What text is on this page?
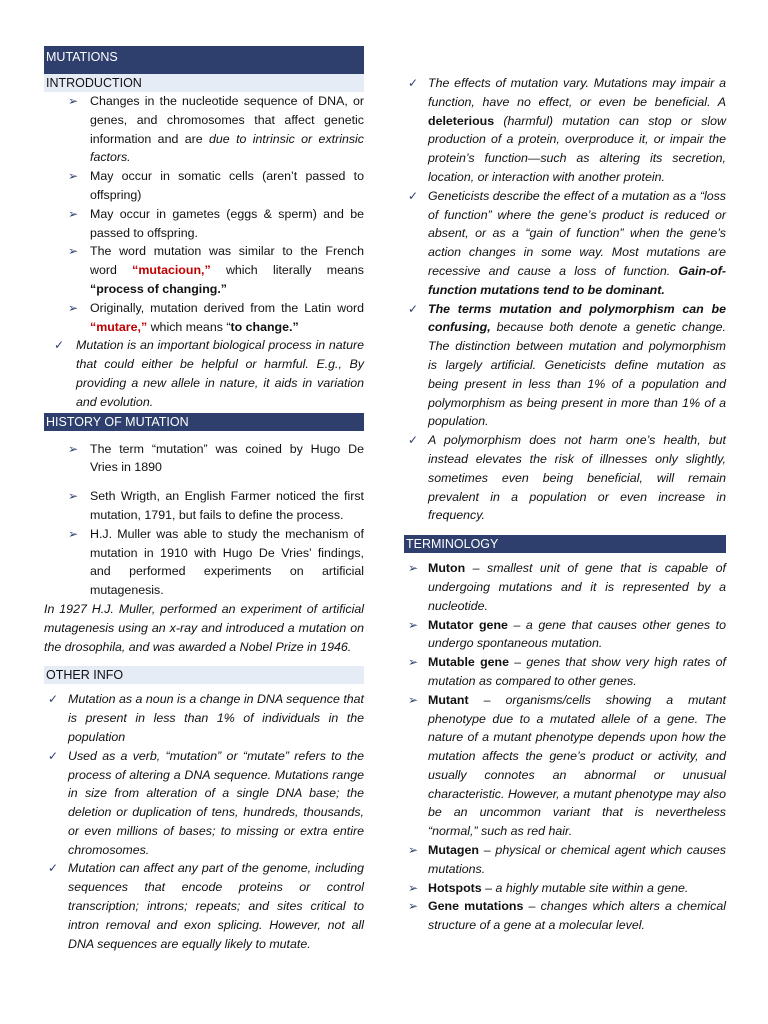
MUTATIONS
INTRODUCTION
➢ Changes in the nucleotide sequence of DNA, or genes, and chromosomes that affect genetic information and are due to intrinsic or extrinsic factors.
➢ May occur in somatic cells (aren’t passed to offspring)
➢ May occur in gametes (eggs & sperm) and be passed to offspring.
➢ The word mutation was similar to the French word “mutacioun,” which literally means “process of changing.”
➢ Originally, mutation derived from the Latin word “mutare,” which means “to change.”
✓ Mutation is an important biological process in nature that could either be helpful or harmful. E.g., By providing a new allele in nature, it aids in variation and evolution.
HISTORY OF MUTATION
➢ The term “mutation” was coined by Hugo De Vries in 1890
➢ Seth Wrigth, an English Farmer noticed the first mutation, 1791, but fails to define the process.
➢ H.J. Muller was able to study the mechanism of mutation in 1910 with Hugo De Vries’ findings, and performed experiments on artificial mutagenesis.

In 1927 H.J. Muller, performed an experiment of artificial mutagenesis using an x-ray and introduced a mutation on the drosophila, and was awarded a Nobel Prize in 1946.

OTHER INFO
✓ Mutation as a noun is a change in DNA sequence that is present in less than 1% of individuals in the population
✓ Used as a verb, “mutation” or “mutate” refers to the process of altering a DNA sequence. Mutations range in size from alteration of a single DNA base; the deletion or duplication of tens, hundreds, thousands, or even millions of bases; to missing or extra entire chromosomes.
✓ Mutation can affect any part of the genome, including sequences that encode proteins or control transcription; introns; repeats; and sites critical to intron removal and exon splicing. However, not all DNA sequences are equally likely to mutate.
✓ The effects of mutation vary. Mutations may impair a function, have no effect, or even be beneficial. A deleterious (harmful) mutation can stop or slow production of a protein, overproduce it, or impair the protein’s function—such as altering its secretion, location, or interaction with another protein.
✓ Geneticists describe the effect of a mutation as a “loss of function” where the gene’s product is reduced or absent, or as a “gain of function” when the gene’s action changes in some way. Most mutations are recessive and cause a loss of function. Gain-of-function mutations tend to be dominant.
✓ The terms mutation and polymorphism can be confusing, because both denote a genetic change. The distinction between mutation and polymorphism is largely artificial. Geneticists define mutation as being present in less than 1% of a population and polymorphism as being present in more than 1% of a population.
✓ A polymorphism does not harm one’s health, but instead elevates the risk of illnesses only slightly, sometimes even being beneficial, will remain prevalent in a population or even increase in frequency.
TERMINOLOGY
➢ Muton – smallest unit of gene that is capable of undergoing mutations and it is represented by a nucleotide.
➢ Mutator gene – a gene that causes other genes to undergo spontaneous mutation.
➢ Mutable gene – genes that show very high rates of mutation as compared to other genes.
➢ Mutant – organisms/cells showing a mutant phenotype due to a mutated allele of a gene. The nature of a mutant phenotype depends upon how the mutation affects the gene’s product or activity, and usually connotes an abnormal or unusual characteristic. However, a mutant phenotype may also be an uncommon variant that is nevertheless “normal,” such as red hair.
➢ Mutagen – physical or chemical agent which causes mutations.
➢ Hotspots – a highly mutable site within a gene.
➢ Gene mutations – changes which alters a chemical structure of a gene at a molecular level.
